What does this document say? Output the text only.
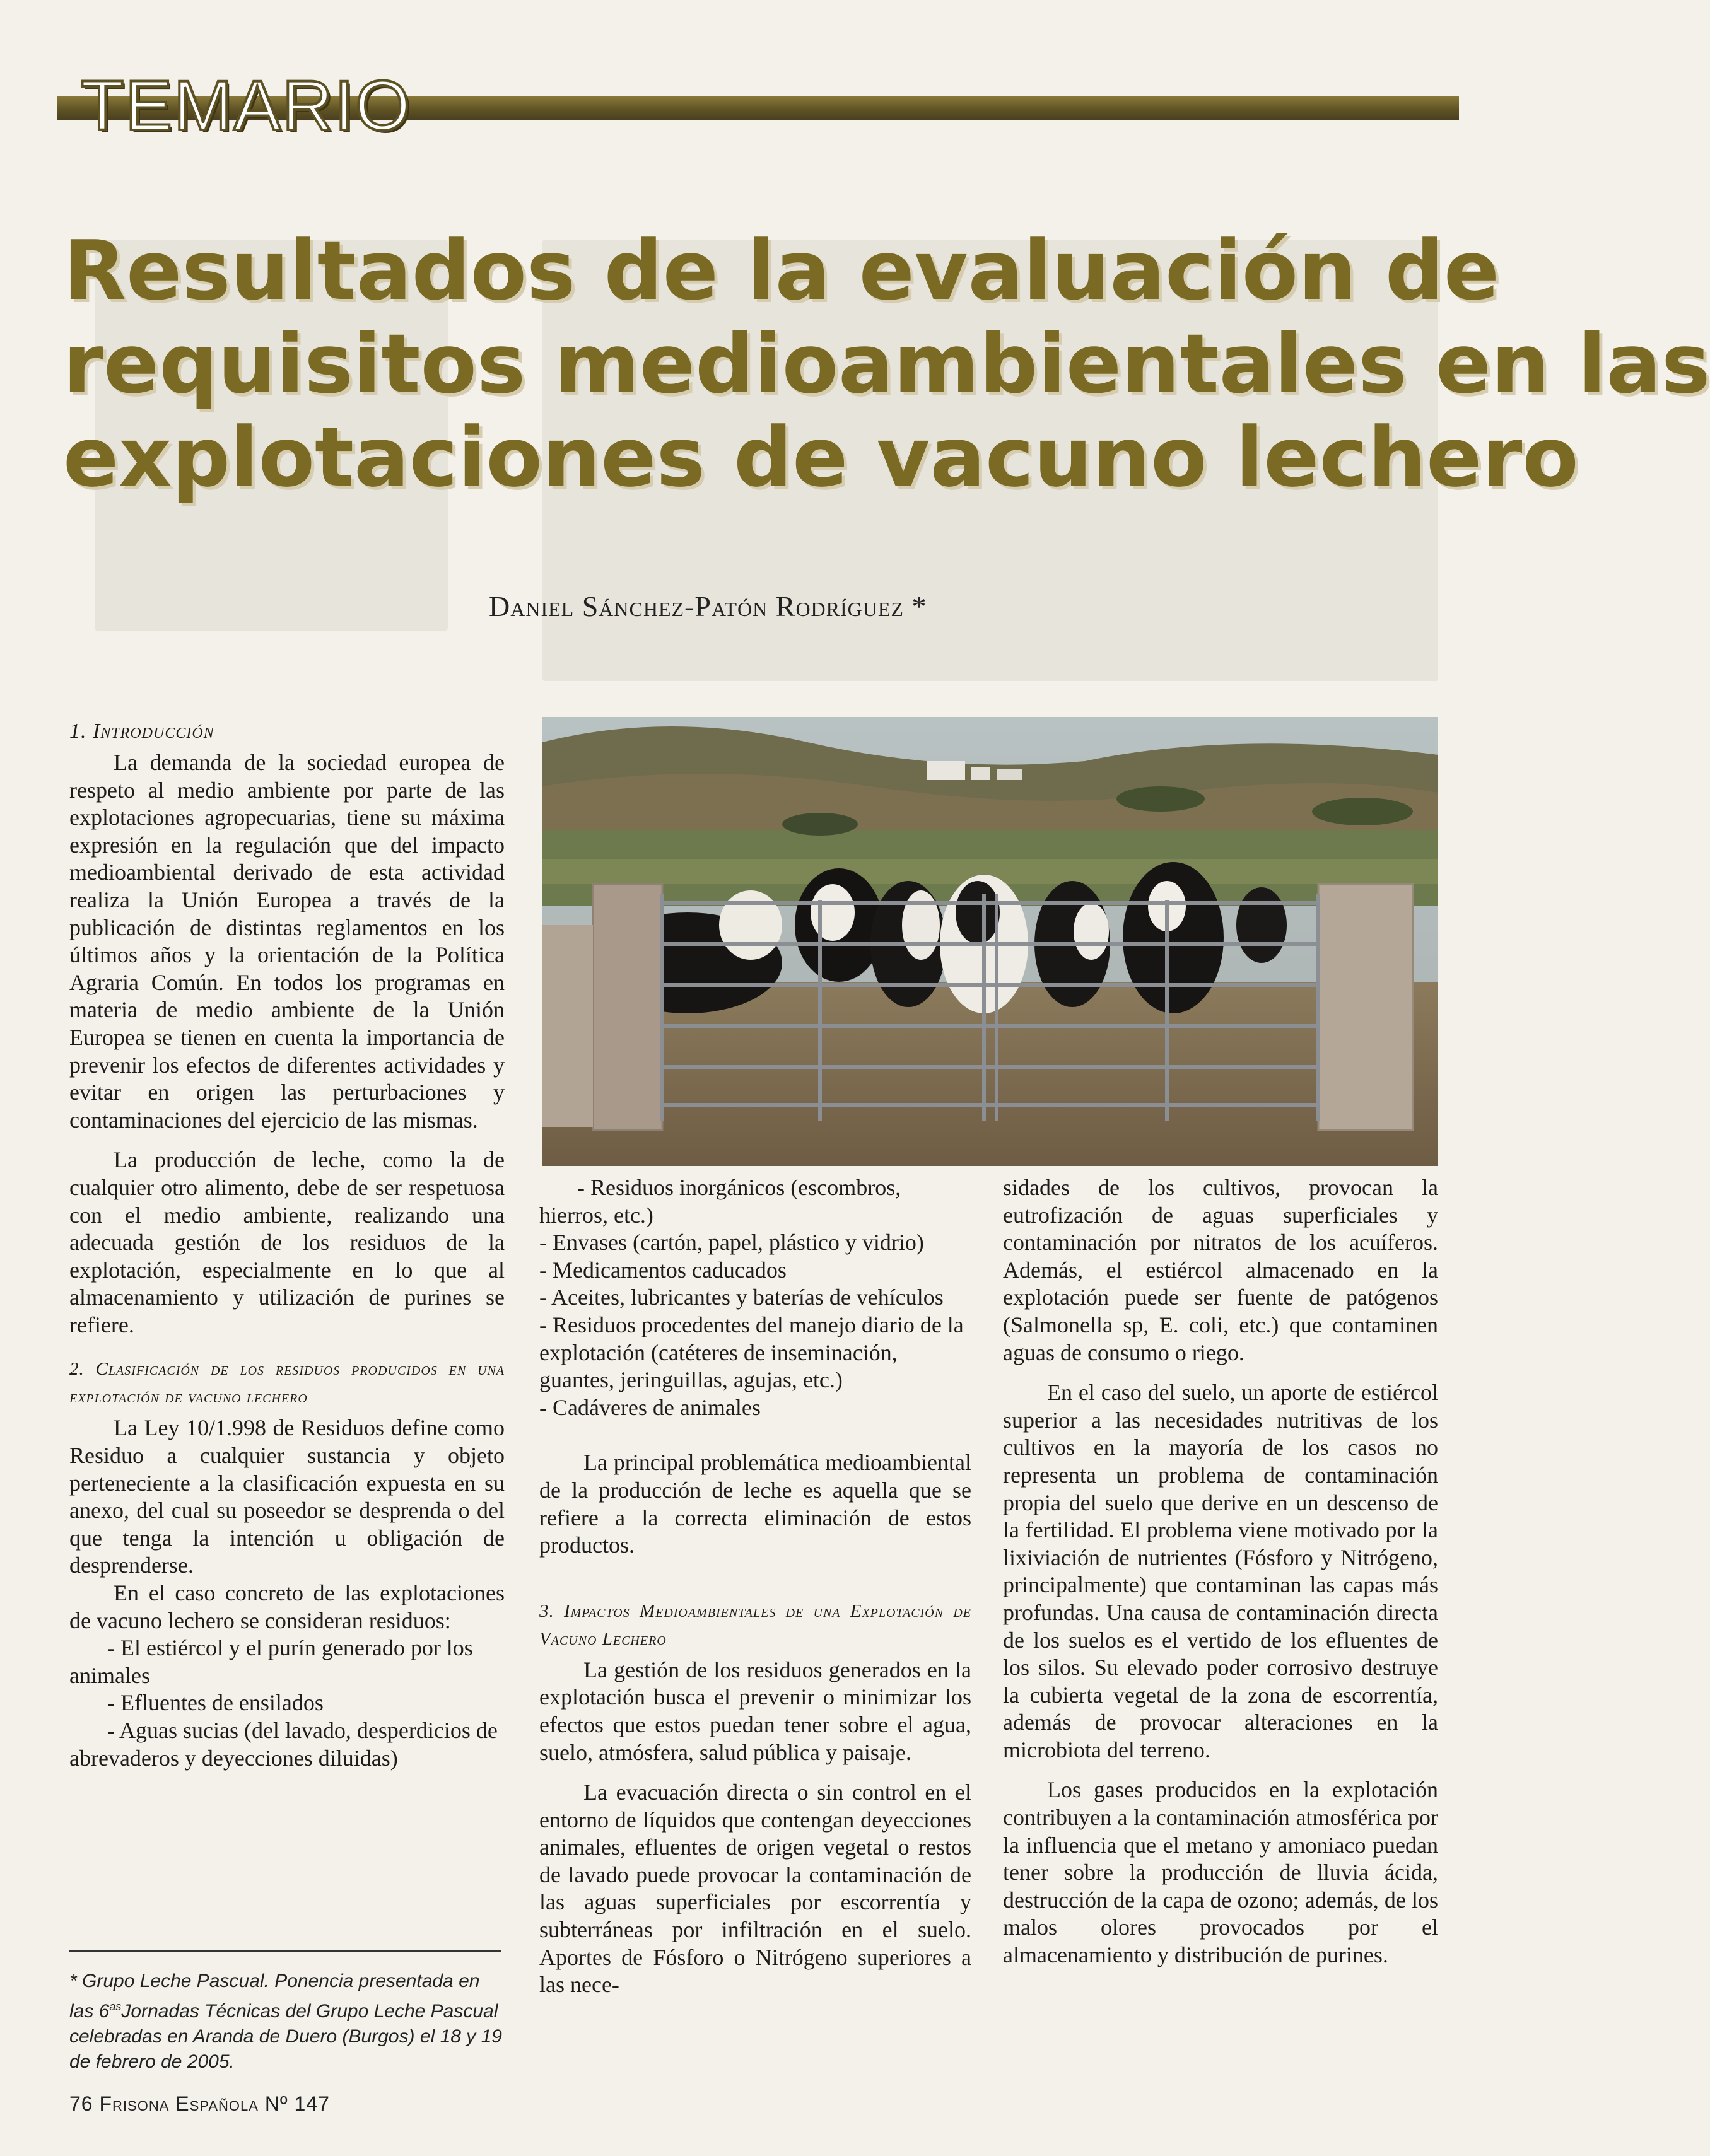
TEMARIO
Resultados de la evaluación de
requisitos medioambientales en las
explotaciones de vacuno lechero
Daniel Sánchez-Patón Rodríguez *
1. Introducción

La demanda de la sociedad europea de respeto al medio ambiente por parte de las explotaciones agropecuarias, tiene su máxima expresión en la regulación que del impacto medioambiental derivado de esta actividad realiza la Unión Europea a través de la publicación de distintas reglamentos en los últimos años y la orientación de la Política Agraria Común. En todos los programas en materia de medio ambiente de la Unión Europea se tienen en cuenta la importancia de prevenir los efectos de diferentes actividades y evitar en origen las perturbaciones y contaminaciones del ejercicio de las mismas.

La producción de leche, como la de cualquier otro alimento, debe de ser respetuosa con el medio ambiente, realizando una adecuada gestión de los residuos de la explotación, especialmente en lo que al almacenamiento y utilización de purines se refiere.

2. Clasificación de los residuos producidos en una explotación de vacuno lechero

La Ley 10/1.998 de Residuos define como Residuo a cualquier sustancia y objeto perteneciente a la clasificación expuesta en su anexo, del cual su poseedor se desprenda o del que tenga la intención u obligación de desprenderse.

En el caso concreto de las explotaciones de vacuno lechero se consideran residuos:

- El estiércol y el purín generado por los animales

- Efluentes de ensilados

- Aguas sucias (del lavado, desperdicios de abrevaderos y deyecciones diluidas)

- Residuos inorgánicos (escombros, hierros, etc.)

- Envases (cartón, papel, plástico y vidrio)

- Medicamentos caducados

- Aceites, lubricantes y baterías de vehículos

- Residuos procedentes del manejo diario de la explotación (catéteres de inseminación, guantes, jeringuillas, agujas, etc.)

- Cadáveres de animales

La principal problemática medioambiental de la producción de leche es aquella que se refiere a la correcta eliminación de estos productos.

3. Impactos Medioambientales de una Explotación de Vacuno Lechero

La gestión de los residuos generados en la explotación busca el prevenir o minimizar los efectos que estos puedan tener sobre el agua, suelo, atmósfera, salud pública y paisaje.

La evacuación directa o sin control en el entorno de líquidos que contengan deyecciones animales, efluentes de origen vegetal o restos de lavado puede provocar la contaminación de las aguas superficiales por escorrentía y subterráneas por infiltración en el suelo. Aportes de Fósforo o Nitrógeno superiores a las nece-

sidades de los cultivos, provocan la eutrofización de aguas superficiales y contaminación por nitratos de los acuíferos. Además, el estiércol almacenado en la explotación puede ser fuente de patógenos (Salmonella sp, E. coli, etc.) que contaminen aguas de consumo o riego.

En el caso del suelo, un aporte de estiércol superior a las necesidades nutritivas de los cultivos en la mayoría de los casos no representa un problema de contaminación propia del suelo que derive en un descenso de la fertilidad. El problema viene motivado por la lixiviación de nutrientes (Fósforo y Nitrógeno, principalmente) que contaminan las capas más profundas. Una causa de contaminación directa de los suelos es el vertido de los efluentes de los silos. Su elevado poder corrosivo destruye la cubierta vegetal de la zona de escorrentía, además de provocar alteraciones en la microbiota del terreno.

Los gases producidos en la explotación contribuyen a la contaminación atmosférica por la influencia que el metano y amoniaco puedan tener sobre la producción de lluvia ácida, destrucción de la capa de ozono; además, de los malos olores provocados por el almacenamiento y distribución de purines.

* Grupo Leche Pascual. Ponencia presentada en las $6^{as}Jornadas$ Técnicas del Grupo Leche Pascual celebradas en Aranda de Duero (Burgos) el 18 y 19 de febrero de 2005.
76 Frisona Española Nº 147
